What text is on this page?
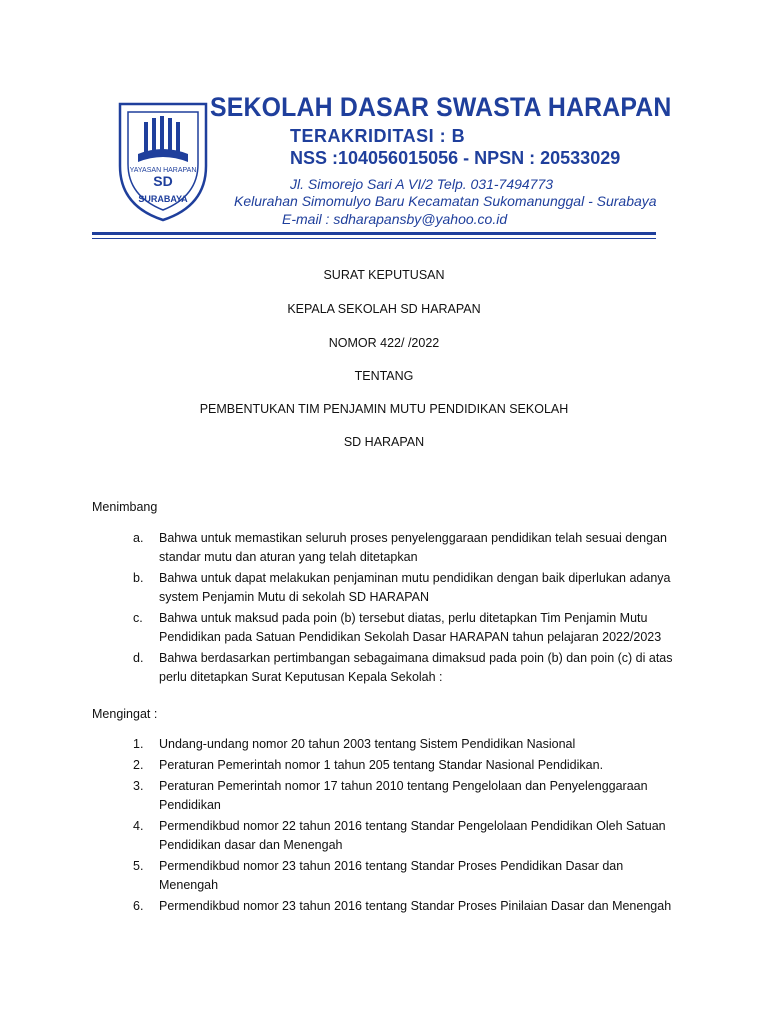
SD
YAYASAN HARAPAN
SURABAYA
SEKOLAH DASAR SWASTA HARAPAN
TERAKRIDITASI : B
NSS :104056015056 - NPSN : 20533029
Jl. Simorejo Sari A VI/2 Telp. 031-7494773
Kelurahan Simomulyo Baru Kecamatan Sukomanunggal - Surabaya
E-mail : sdharapansby@yahoo.co.id
SURAT KEPUTUSAN
KEPALA SEKOLAH SD HARAPAN
NOMOR 422/ /2022
TENTANG
PEMBENTUKAN TIM PENJAMIN MUTU PENDIDIKAN SEKOLAH
SD HARAPAN
Menimbang
a. Bahwa untuk memastikan seluruh proses penyelenggaraan pendidikan telah sesuai dengan standar mutu dan aturan yang telah ditetapkan
b. Bahwa untuk dapat melakukan penjaminan mutu pendidikan dengan baik diperlukan adanya system Penjamin Mutu di sekolah SD HARAPAN
c. Bahwa untuk maksud pada poin (b) tersebut diatas, perlu ditetapkan Tim Penjamin Mutu Pendidikan pada Satuan Pendidikan Sekolah Dasar HARAPAN tahun pelajaran 2022/2023
d. Bahwa berdasarkan pertimbangan sebagaimana dimaksud pada poin (b) dan poin (c) di atas perlu ditetapkan Surat Keputusan Kepala Sekolah :
Mengingat :
1. Undang-undang nomor 20 tahun 2003 tentang Sistem Pendidikan Nasional
2. Peraturan Pemerintah nomor 1 tahun 205 tentang Standar Nasional Pendidikan.
3. Peraturan Pemerintah nomor 17 tahun 2010 tentang Pengelolaan dan Penyelenggaraan Pendidikan
4. Permendikbud nomor 22 tahun 2016 tentang Standar Pengelolaan Pendidikan Oleh Satuan Pendidikan dasar dan Menengah
5. Permendikbud nomor 23 tahun 2016 tentang Standar Proses Pendidikan Dasar dan Menengah
6. Permendikbud nomor 23 tahun 2016 tentang Standar Proses Pinilaian Dasar dan Menengah
